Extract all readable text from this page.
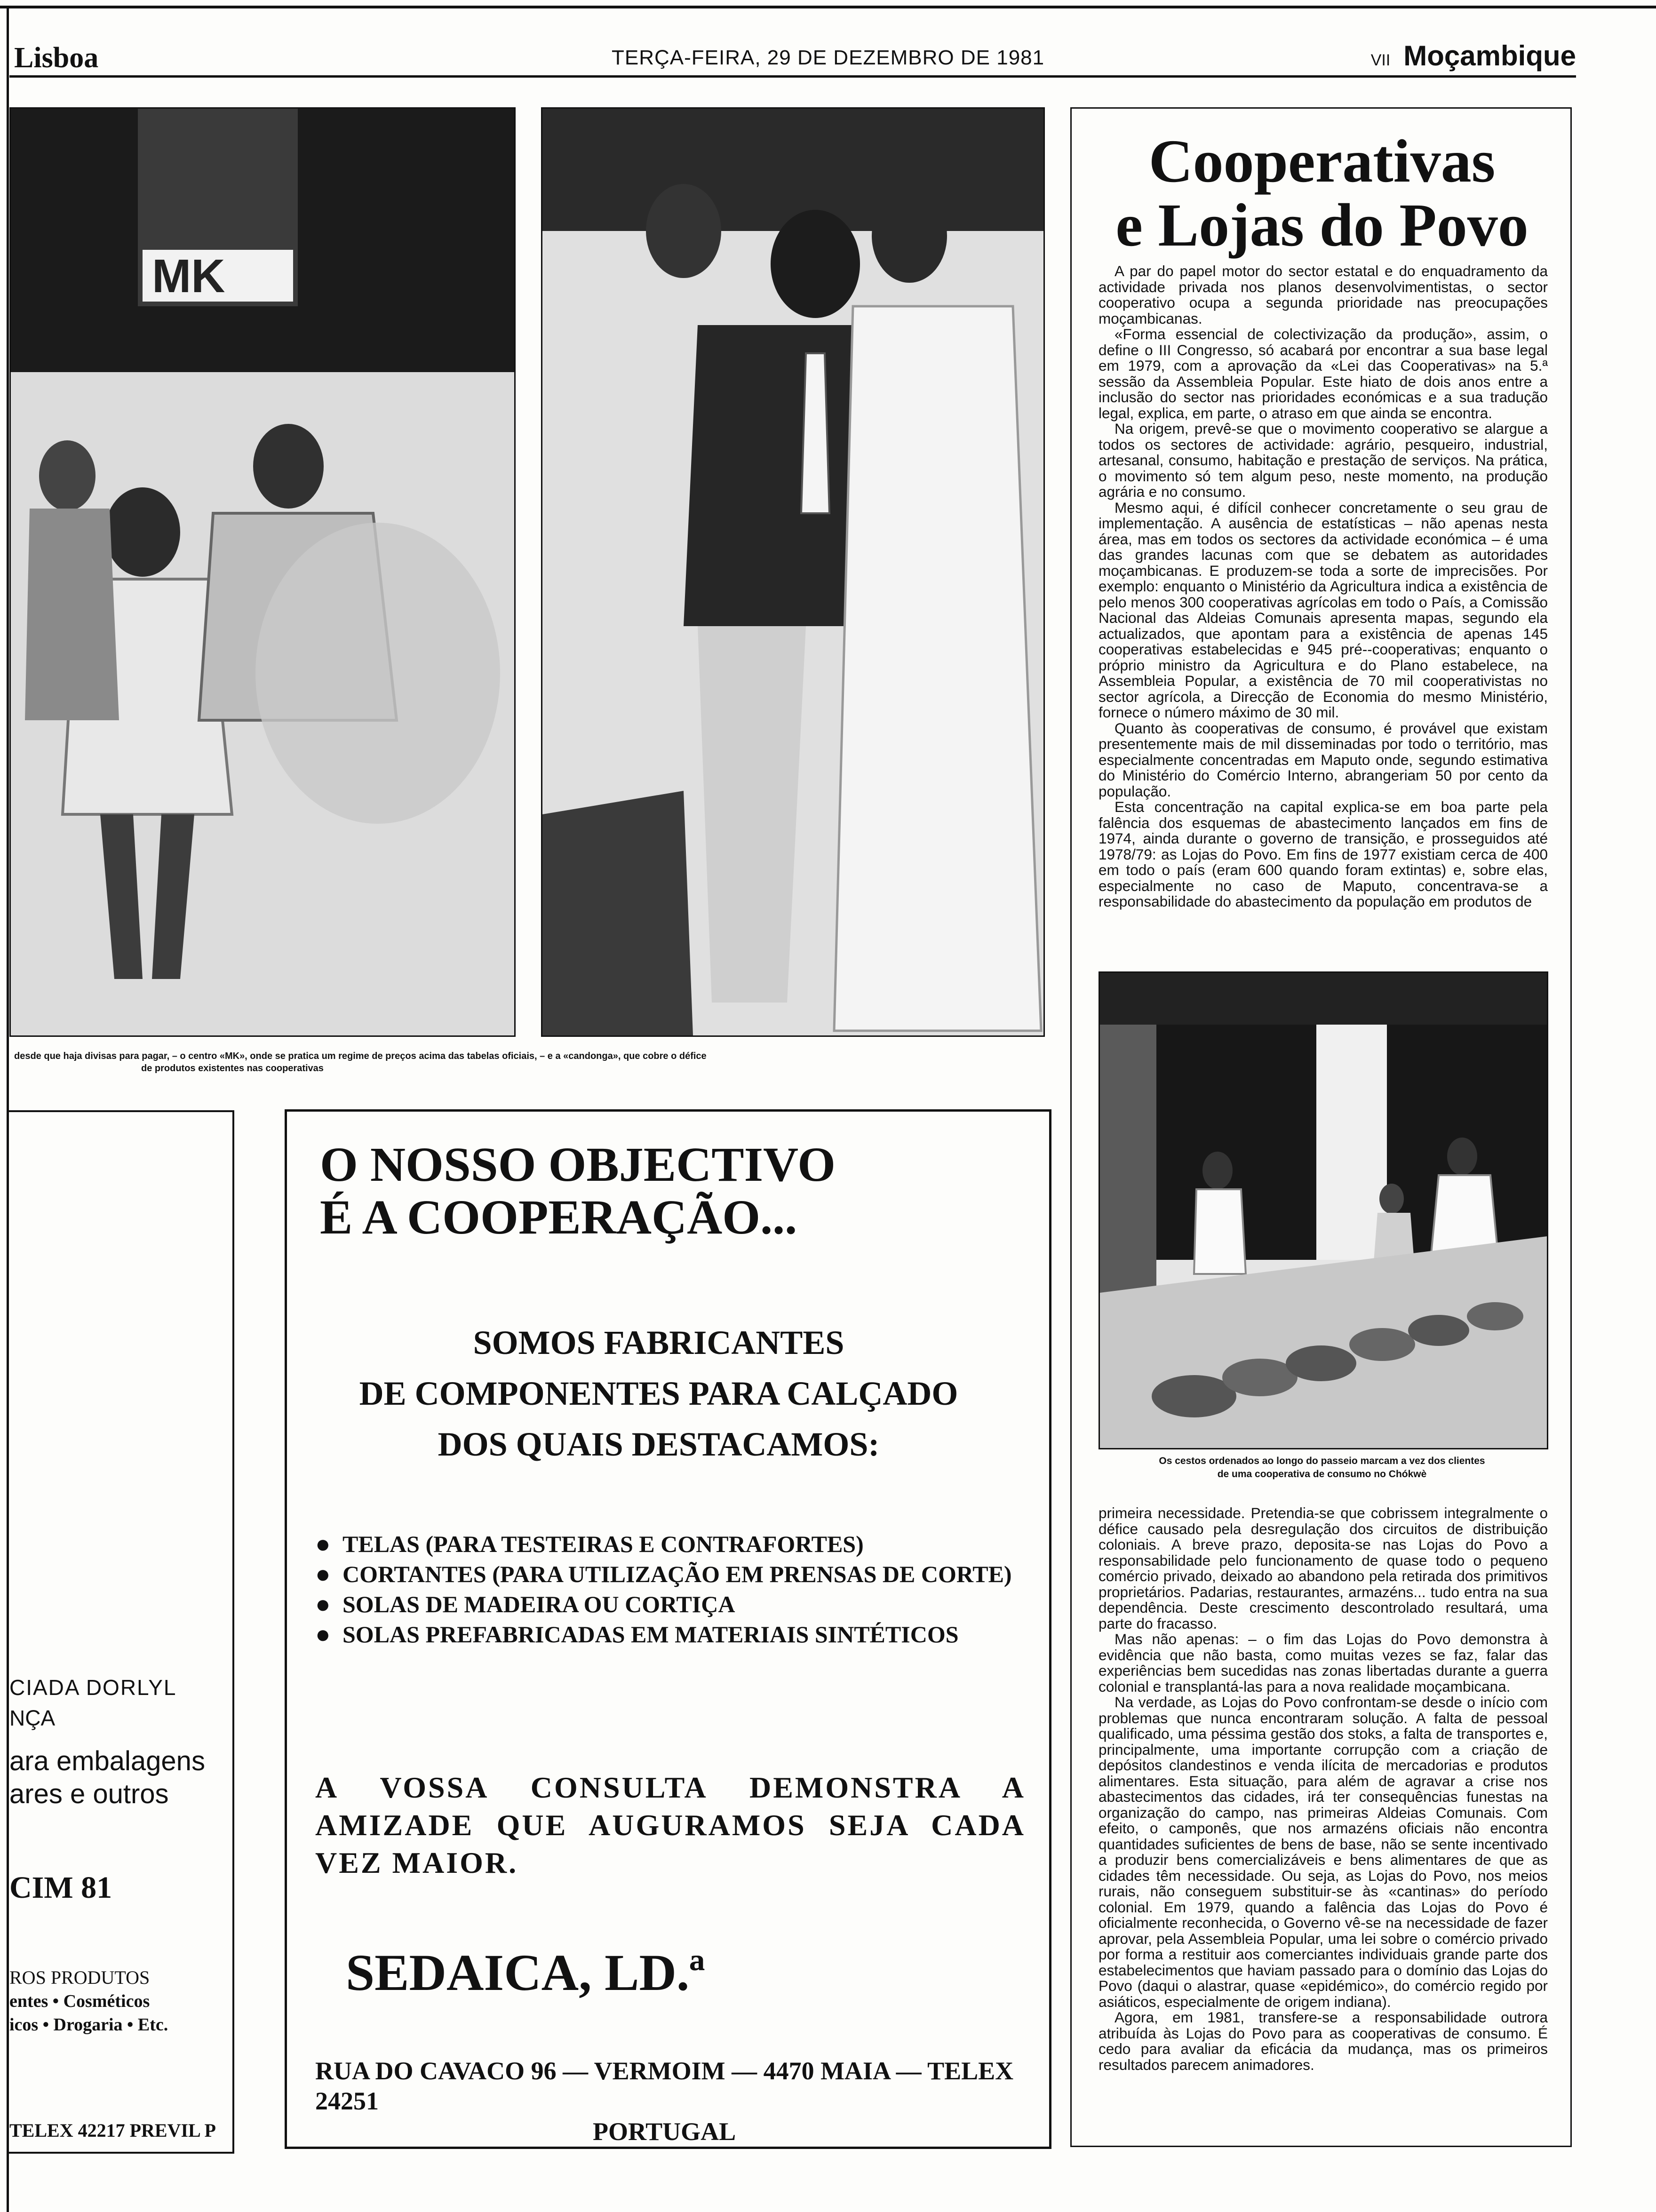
Lisboa	TERÇA-FEIRA, 29 DE DEZEMBRO DE 1981	VII Moçambique
MK
desde que haja divisas para pagar, – o centro «MK», onde se pratica um regime de preços acima das tabelas oficiais, – e a «candonga», que cobre o défice
de produtos existentes nas cooperativas
Cooperativas
e Lojas do Povo

A par do papel motor do sector estatal e do enquadramento da actividade privada nos planos desenvolvimentistas, o sector cooperativo ocupa a segunda prioridade nas preocupações moçambicanas.

«Forma essencial de colectivização da produção», assim, o define o III Congresso, só acabará por encontrar a sua base legal em 1979, com a aprovação da «Lei das Cooperativas» na 5.ª sessão da Assembleia Popular. Este hiato de dois anos entre a inclusão do sector nas prioridades económicas e a sua tradução legal, explica, em parte, o atraso em que ainda se encontra.

Na origem, prevê-se que o movimento cooperativo se alargue a todos os sectores de actividade: agrário, pesqueiro, industrial, artesanal, consumo, habitação e prestação de serviços. Na prática, o movimento só tem algum peso, neste momento, na produção agrária e no consumo.

Mesmo aqui, é difícil conhecer concretamente o seu grau de implementação. A ausência de estatísticas – não apenas nesta área, mas em todos os sectores da actividade económica – é uma das grandes lacunas com que se debatem as autoridades moçambicanas. E produzem-se toda a sorte de imprecisões. Por exemplo: enquanto o Ministério da Agricultura indica a existência de pelo menos 300 cooperativas agrícolas em todo o País, a Comissão Nacional das Aldeias Comunais apresenta mapas, segundo ela actualizados, que apontam para a existência de apenas 145 cooperativas estabelecidas e 945 pré--cooperativas; enquanto o próprio ministro da Agricultura e do Plano estabelece, na Assembleia Popular, a existência de 70 mil cooperativistas no sector agrícola, a Direcção de Economia do mesmo Ministério, fornece o número máximo de 30 mil.

Quanto às cooperativas de consumo, é provável que existam presentemente mais de mil disseminadas por todo o território, mas especialmente concentradas em Maputo onde, segundo estimativa do Ministério do Comércio Interno, abrangeriam 50 por cento da população.

Esta concentração na capital explica-se em boa parte pela falência dos esquemas de abastecimento lançados em fins de 1974, ainda durante o governo de transição, e prosseguidos até 1978/79: as Lojas do Povo. Em fins de 1977 existiam cerca de 400 em todo o país (eram 600 quando foram extintas) e, sobre elas, especialmente no caso de Maputo, concentrava-se a responsabilidade do abastecimento da população em produtos de

Os cestos ordenados ao longo do passeio marcam a vez dos clientes
de uma cooperativa de consumo no Chókwè

primeira necessidade. Pretendia-se que cobrissem integralmente o défice causado pela desregulação dos circuitos de distribuição coloniais. A breve prazo, deposita-se nas Lojas do Povo a responsabilidade pelo funcionamento de quase todo o pequeno comércio privado, deixado ao abandono pela retirada dos primitivos proprietários. Padarias, restaurantes, armazéns... tudo entra na sua dependência. Deste crescimento descontrolado resultará, uma parte do fracasso.

Mas não apenas: – o fim das Lojas do Povo demonstra à evidência que não basta, como muitas vezes se faz, falar das experiências bem sucedidas nas zonas libertadas durante a guerra colonial e transplantá-las para a nova realidade moçambicana.

Na verdade, as Lojas do Povo confrontam-se desde o início com problemas que nunca encontraram solução. A falta de pessoal qualificado, uma péssima gestão dos stoks, a falta de transportes e, principalmente, uma importante corrupção com a criação de depósitos clandestinos e venda ilícita de mercadorias e produtos alimentares. Esta situação, para além de agravar a crise nos abastecimentos das cidades, irá ter consequências funestas na organização do campo, nas primeiras Aldeias Comunais. Com efeito, o camponês, que nos armazéns oficiais não encontra quantidades suficientes de bens de base, não se sente incentivado a produzir bens comercializáveis e bens alimentares de que as cidades têm necessidade. Ou seja, as Lojas do Povo, nos meios rurais, não conseguem substituir-se às «cantinas» do período colonial. Em 1979, quando a falência das Lojas do Povo é oficialmente reconhecida, o Governo vê-se na necessidade de fazer aprovar, pela Assembleia Popular, uma lei sobre o comércio privado por forma a restituir aos comerciantes individuais grande parte dos estabelecimentos que haviam passado para o domínio das Lojas do Povo (daqui o alastrar, quase «epidémico», do comércio regido por asiáticos, especialmente de origem indiana).

Agora, em 1981, transfere-se a responsabilidade outrora atribuída às Lojas do Povo para as cooperativas de consumo. É cedo para avaliar da eficácia da mudança, mas os primeiros resultados parecem animadores.

CIADA DORLYL
NÇA
ara embalagens
ares e outros
CIM 81
ROS PRODUTOS
entes • Cosméticos
icos • Drogaria • Etc.
TELEX 42217 PREVIL P
O NOSSO OBJECTIVO
É A COOPERAÇÃO...
SOMOS FABRICANTES
DE COMPONENTES PARA CALÇADO
DOS QUAIS DESTACAMOS:
● TELAS (PARA TESTEIRAS E CONTRAFORTES)
● CORTANTES (PARA UTILIZAÇÃO EM PRENSAS DE CORTE)
● SOLAS DE MADEIRA OU CORTIÇA
● SOLAS PREFABRICADAS EM MATERIAIS SINTÉTICOS
A VOSSA CONSULTA DEMONSTRA A AMIZADE QUE AUGURAMOS SEJA CADA VEZ MAIOR.
SEDAICA, LD.ª
RUA DO CAVACO 96 — VERMOIM — 4470 MAIA — TELEX 24251
PORTUGAL
